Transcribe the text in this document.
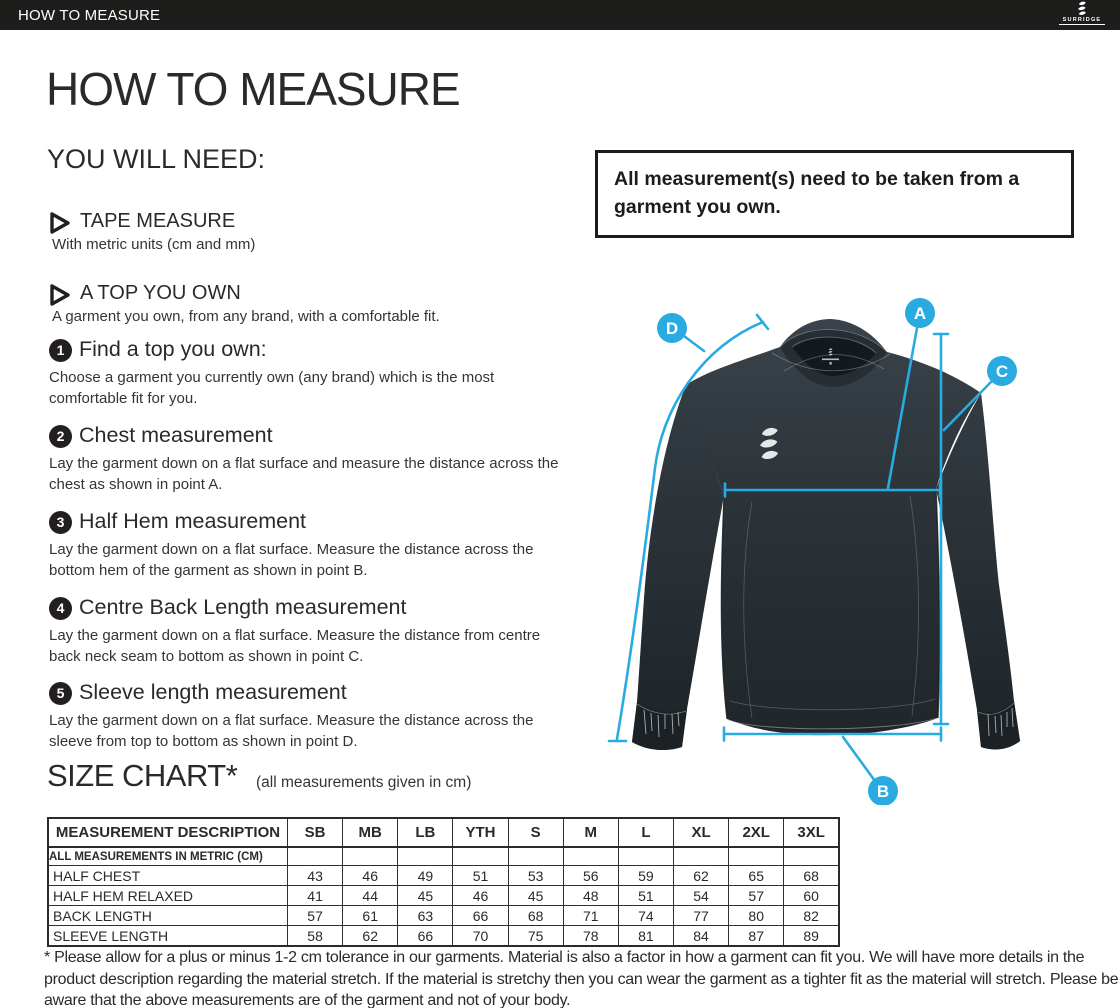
HOW TO MEASURE	SURRIDGE
HOW TO MEASURE
YOU WILL NEED:
TAPE MEASURE
With metric units (cm and mm)
A TOP YOU OWN
A garment you own, from any brand, with a comfortable fit.
1 Find a top you own:
Choose a garment you currently own (any brand) which is the most comfortable fit for you.
2 Chest measurement
Lay the garment down on a flat surface and measure the distance across the chest as shown in point A.
3 Half Hem measurement
Lay the garment down on a flat surface. Measure the distance across the bottom hem of the garment as shown in point B.
4 Centre Back Length measurement
Lay the garment down on a flat surface. Measure the distance from centre back neck seam to bottom as shown in point C.
5 Sleeve length measurement
Lay the garment down on a flat surface. Measure the distance across the sleeve from top to bottom as shown in point D.
All measurement(s) need to be taken from a garment you own.
A
B
C
D
SIZE CHART* (all measurements given in cm)
MEASUREMENT DESCRIPTION	SB	MB	LB	YTH	S	M	L	XL	2XL	3XL
ALL MEASUREMENTS IN METRIC (CM)										
HALF CHEST	43	46	49	51	53	56	59	62	65	68
HALF HEM RELAXED	41	44	45	46	45	48	51	54	57	60
BACK LENGTH	57	61	63	66	68	71	74	77	80	82
SLEEVE LENGTH	58	62	66	70	75	78	81	84	87	89

* Please allow for a plus or minus 1-2 cm tolerance in our garments. Material is also a factor in how a garment can fit you. We will have more details in the product description regarding the material stretch. If the material is stretchy then you can wear the garment as a tighter fit as the material will stretch. Please be aware that the above measurements are of the garment and not of your body.
